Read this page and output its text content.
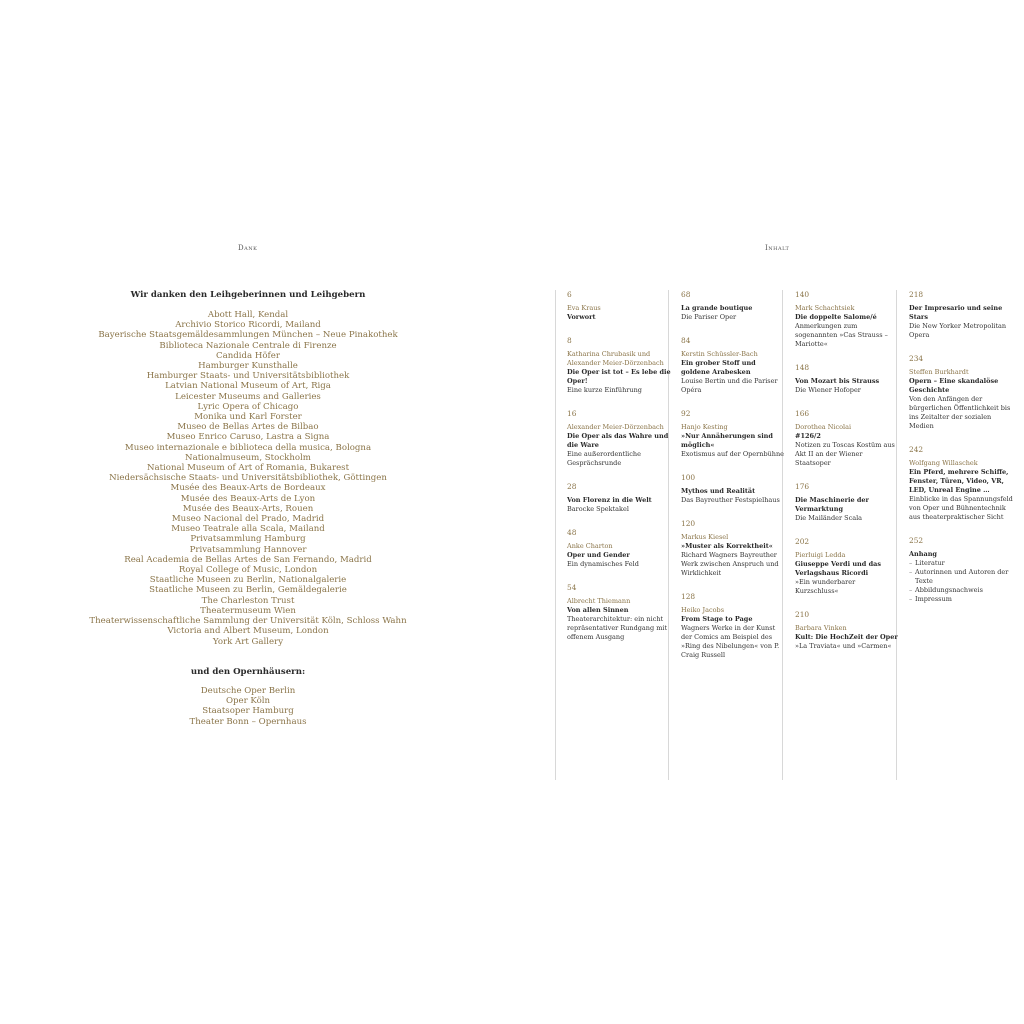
Dank
Wir danken den Leihgeberinnen und Leihgebern
Abott Hall, Kendal
Archivio Storico Ricordi, Mailand
Bayerische Staatsgemäldesammlungen München – Neue Pinakothek
Biblioteca Nazionale Centrale di Firenze
Candida Höfer
Hamburger Kunsthalle
Hamburger Staats- und Universitätsbibliothek
Latvian National Museum of Art, Riga
Leicester Museums and Galleries
Lyric Opera of Chicago
Monika und Karl Forster
Museo de Bellas Artes de Bilbao
Museo Enrico Caruso, Lastra a Signa
Museo internazionale e biblioteca della musica, Bologna
Nationalmuseum, Stockholm
National Museum of Art of Romania, Bukarest
Niedersächsische Staats- und Universitätsbibliothek, Göttingen
Musée des Beaux-Arts de Bordeaux
Musée des Beaux-Arts de Lyon
Musée des Beaux-Arts, Rouen
Museo Nacional del Prado, Madrid
Museo Teatrale alla Scala, Mailand
Privatsammlung Hamburg
Privatsammlung Hannover
Real Academia de Bellas Artes de San Fernando, Madrid
Royal College of Music, London
Staatliche Museen zu Berlin, Nationalgalerie
Staatliche Museen zu Berlin, Gemäldegalerie
The Charleston Trust
Theatermuseum Wien
Theaterwissenschaftliche Sammlung der Universität Köln, Schloss Wahn
Victoria and Albert Museum, London
York Art Gallery
und den Opernhäusern:
Deutsche Oper Berlin
Oper Köln
Staatsoper Hamburg
Theater Bonn – Opernhaus
Inhalt
6
Eva Kraus
Vorwort
8
Katharina Chrubasik und Alexander Meier-Dörzenbach
Die Oper ist tot – Es lebe die Oper!
Eine kurze Einführung
16
Alexander Meier-Dörzenbach
Die Oper als das Wahre und die Ware
Eine außerordentliche Gesprächsrunde
28
Von Florenz in die Welt
Barocke Spektakel
48
Anke Charton
Oper und Gender
Ein dynamisches Feld
54
Albrecht Thiemann
Von allen Sinnen
Theaterarchitektur: ein nicht repräsentativer Rundgang mit offenem Ausgang
68
La grande boutique
Die Pariser Oper
84
Kerstin Schüssler-Bach
Ein grober Stoff und goldene Arabesken
Louise Bertin und die Pariser Opéra
92
Hanjo Kesting
»Nur Annäherungen sind möglich«
Exotismus auf der Opernbühne
100
Mythos und Realität
Das Bayreuther Festspielhaus
120
Markus Kiesel
»Muster als Korrektheit«
Richard Wagners Bayreuther Werk zwischen Anspruch und Wirklichkeit
128
Heiko Jacobs
From Stage to Page
Wagners Werke in der Kunst der Comics am Beispiel des »Ring des Nibelungen« von P. Craig Russell
140
Mark Schachtsiek
Die doppelte Salome/é
Anmerkungen zum sogenannten »Cas Strauss – Mariotte«
148
Von Mozart bis Strauss
Die Wiener Hofoper
166
Dorothea Nicolai
#126/2
Notizen zu Toscas Kostüm aus Akt II an der Wiener Staatsoper
176
Die Maschinerie der Vermarktung
Die Mailänder Scala
202
Pierluigi Ledda
Giuseppe Verdi und das Verlagshaus Ricordi
»Ein wunderbarer Kurzschluss«
210
Barbara Vinken
Kult: Die HochZeit der Oper
»La Traviata« und »Carmen«
218
Der Impresario und seine Stars
Die New Yorker Metropolitan Opera
234
Steffen Burkhardt
Opern – Eine skandalöse Geschichte
Von den Anfängen der bürgerlichen Öffentlichkeit bis ins Zeitalter der sozialen Medien
242
Wolfgang Willaschek
Ein Pferd, mehrere Schiffe, Fenster, Türen, Video, VR, LED, Unreal Engine …
Einblicke in das Spannungsfeld von Oper und Bühnentechnik aus theaterpraktischer Sicht
252
Anhang
– Literatur
– Autorinnen und Autoren der Texte
– Abbildungsnachweis
– Impressum
